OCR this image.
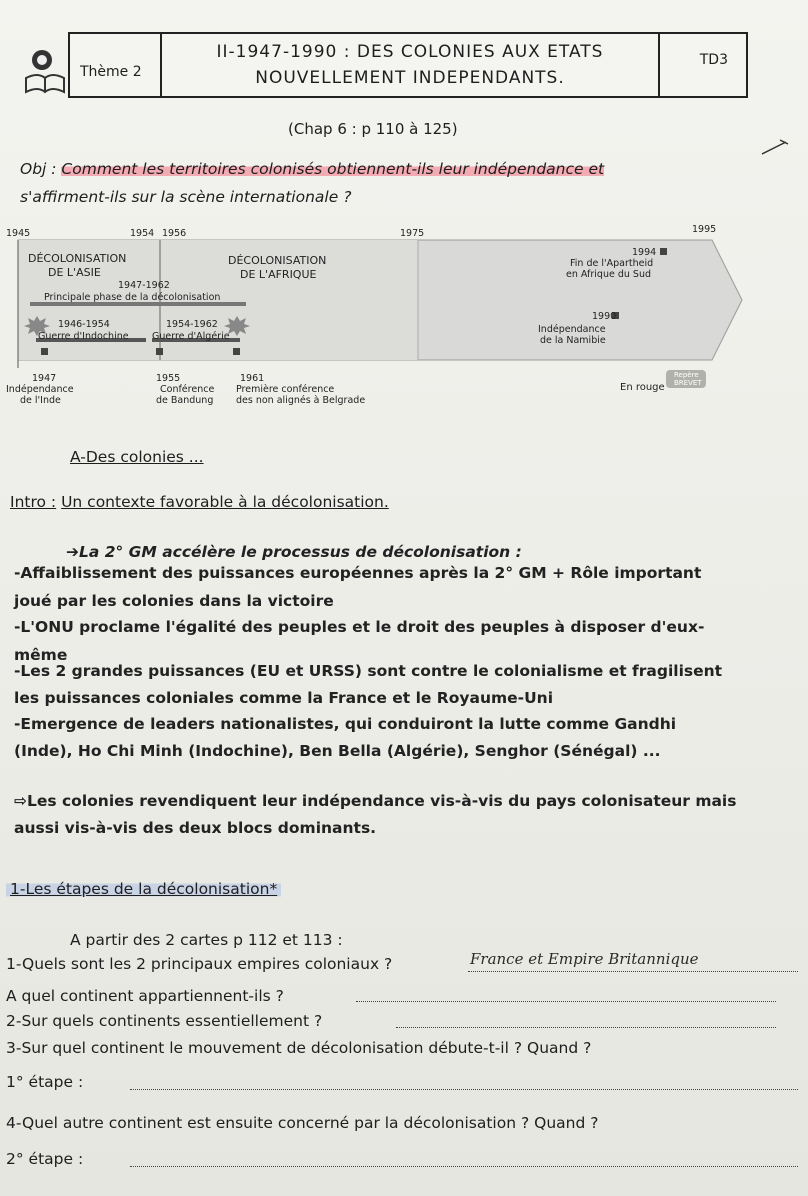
Thème 2
II-1947-1990 : DES COLONIES AUX ETATS
NOUVELLEMENT INDEPENDANTS.
TD3
(Chap 6 : p 110 à 125)
Obj : Comment les territoires colonisés obtiennent-ils leur indépendance et
s'affirment-ils sur la scène internationale ?
1945	1954 1956	1975	1995
DÉCOLONISATION
DE L'ASIE
DÉCOLONISATION
DE L'AFRIQUE
1947-1962
Principale phase de la décolonisation
1946-1954
Guerre d'Indochine
1954-1962
Guerre d'Algérie
1994
Fin de l'Apartheid
en Afrique du Sud
1990
Indépendance
de la Namibie
1947
Indépendance
de l'Inde
1955
Conférence
de Bandung
1961
Première conférence
des non alignés à Belgrade
En rouge
Repère
BREVET
A-Des colonies ...
Intro : Un contexte favorable à la décolonisation.
➔La 2° GM accélère le processus de décolonisation :
-Affaiblissement des puissances européennes après la 2° GM + Rôle important
joué par les colonies dans la victoire
-L'ONU proclame l'égalité des peuples et le droit des peuples à disposer d'eux-
même
-Les 2 grandes puissances (EU et URSS) sont contre le colonialisme et fragilisent
les puissances coloniales comme la France et le Royaume-Uni
-Emergence de leaders nationalistes, qui conduiront la lutte comme Gandhi
(Inde), Ho Chi Minh (Indochine), Ben Bella (Algérie), Senghor (Sénégal) ...
⇨Les colonies revendiquent leur indépendance vis-à-vis du pays colonisateur mais
aussi vis-à-vis des deux blocs dominants.
1-Les étapes de la décolonisation*
A partir des 2 cartes p 112 et 113 :
1-Quels sont les 2 principaux empires coloniaux ?	France et Empire Britannique
A quel continent appartiennent-ils ?
2-Sur quels continents essentiellement ?
3-Sur quel continent le mouvement de décolonisation débute-t-il ? Quand ?
1° étape :
4-Quel autre continent est ensuite concerné par la décolonisation ? Quand ?
2° étape :
